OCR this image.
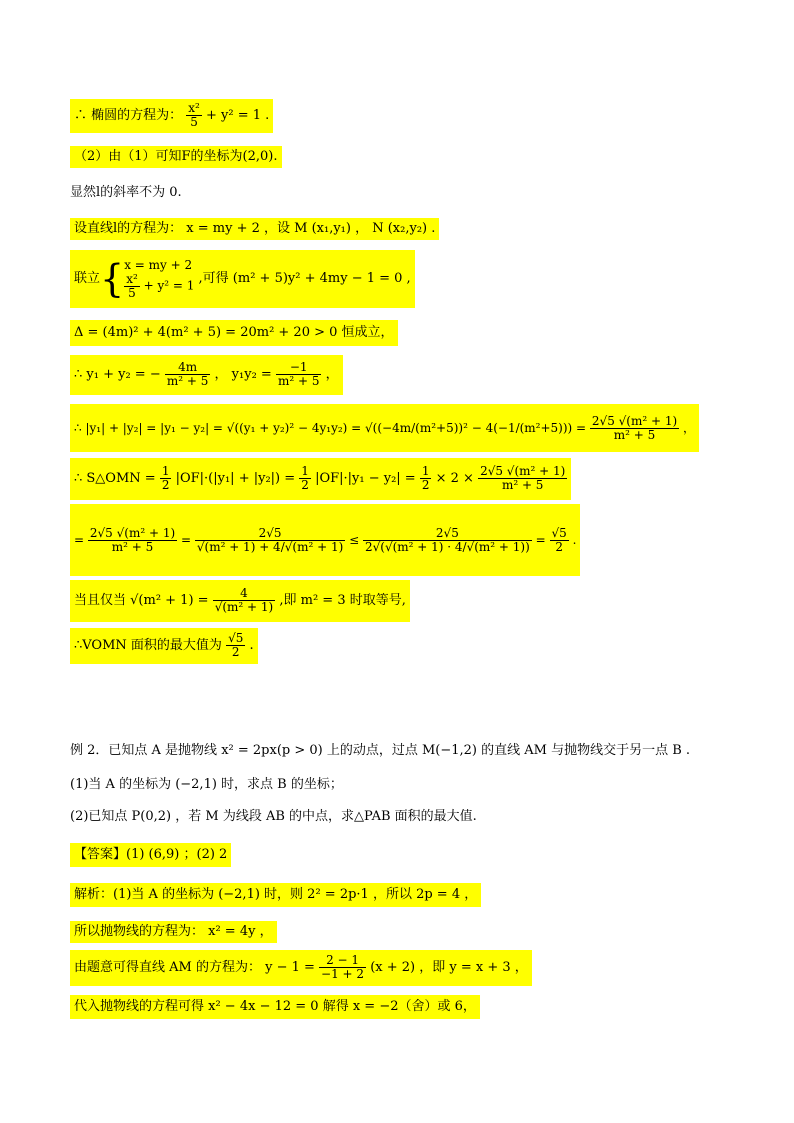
∴ 椭圆的方程为： $\frac{\text{x²}}{5} + y^2 = 1$ .
（2）由（1）可知F的坐标为(2,0).
显然l的斜率不为 0.
设直线l的方程为： x = my + 2 ，设 M (x₁,y₁) ， N (x₂,y₂) .
联立{ x = my + 2
$\frac{\text{x²}}{5} + y^2 = 1$ ,可得 (m² + 5)y² + 4my − 1 = 0 ,
Δ = (4m)² + 4(m² + 5) = 20m² + 20 > 0 恒成立，
∴ y₁ + y₂ = − $\frac{4m}{\text{m² + 5}}$ ， $y_1y_2 = \frac{-1}{\text{m² + 5}}$ ，
∴ $|y_1| + |y_2| = |y_1 - y_2| = √((y_1 + y_2)^2 - 4y_1y_2) = √((-4m/(m^2+5))^2 - 4(-1/(m^2+5))) = \frac{\text{2√5 √(m² + 1)}}{\text{m² + 5}}$ ，
∴ S△OMN = $\frac{1}{2} |OF|\cdot(|y_1| + |y_2|) = \frac{1}{2} |OF|\cdot|y_1 - y_2| = \frac{1}{2} \times 2 \times \frac{\text{2√5 √(m² + 1)}}{\text{m² + 5}}$
= $\frac{\text{2√5 √(m² + 1)}}{\text{m² + 5}} = \frac{2√5}{\text{√(m² + 1) + 4/√(m² + 1)}} \le \frac{2√5}{\text{2√(√(m² + 1) · 4/√(m² + 1))}} = \frac{√5}{2}$ .
当且仅当 $√(m^2 + 1) = \frac{4}{\text{√(m² + 1)}}$ ,即 m² = 3 时取等号,
∴VOMN 面积的最大值为 $\frac{√5}{2}$ .
例 2．已知点 A 是抛物线 x² = 2px(p > 0) 上的动点，过点 M(−1,2) 的直线 AM 与抛物线交于另一点 B .
(1)当 A 的坐标为 (−2,1) 时，求点 B 的坐标；
(2)已知点 P(0,2) ，若 M 为线段 AB 的中点，求△PAB 面积的最大值.
【答案】(1) (6,9) ；(2) 2
解析：(1)当 A 的坐标为 (−2,1) 时，则 2² = 2p·1 ，所以 2p = 4 ，
所以抛物线的方程为： x² = 4y ，
由题意可得直线 AM 的方程为： $y - 1 = \frac{2 - 1}{-1 + 2} (x + 2)$ ，即 y = x + 3 ，
代入抛物线的方程可得 x² − 4x − 12 = 0 解得 x = −2（舍）或 6，
